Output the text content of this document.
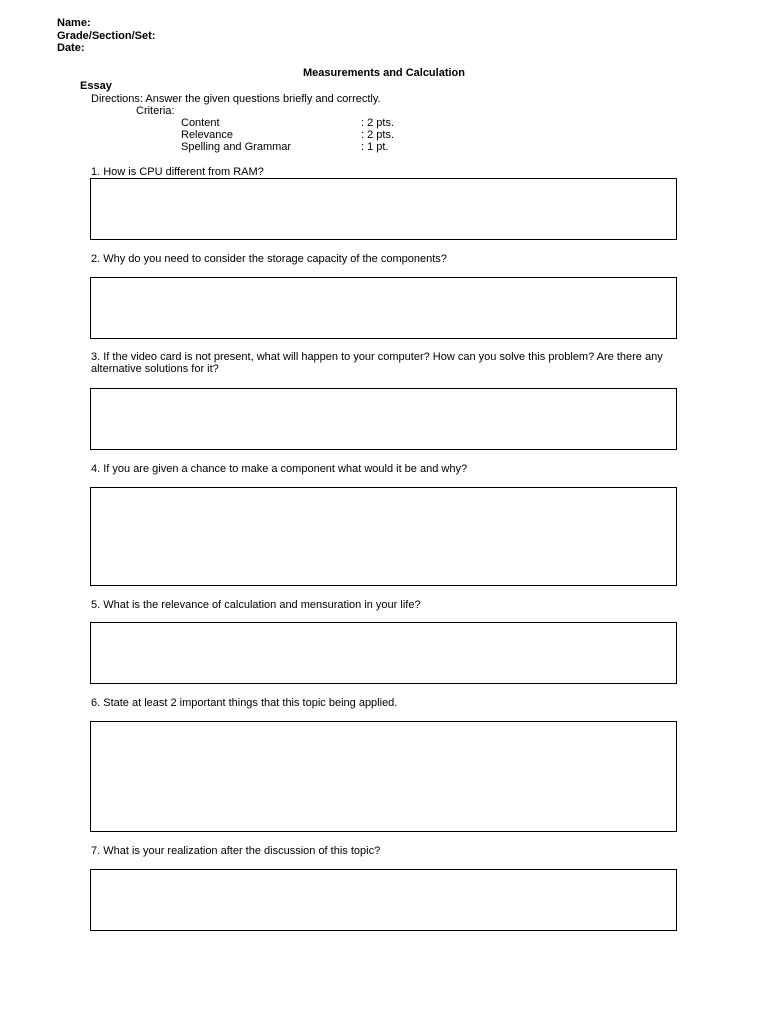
Name:
Grade/Section/Set:
Date:
Measurements and Calculation
Essay
Directions: Answer the given questions briefly and correctly.
Criteria:
Content	: 2 pts.
Relevance	: 2 pts.
Spelling and Grammar	: 1 pt.
1. How is CPU different from RAM?
2. Why do you need to consider the storage capacity of the components?
3. If the video card is not present, what will happen to your computer? How can you solve this problem? Are there any alternative solutions for it?
4. If you are given a chance to make a component what would it be and why?
5. What is the relevance of calculation and mensuration in your life?
6. State at least 2 important things that this topic being applied.
7. What is your realization after the discussion of this topic?
